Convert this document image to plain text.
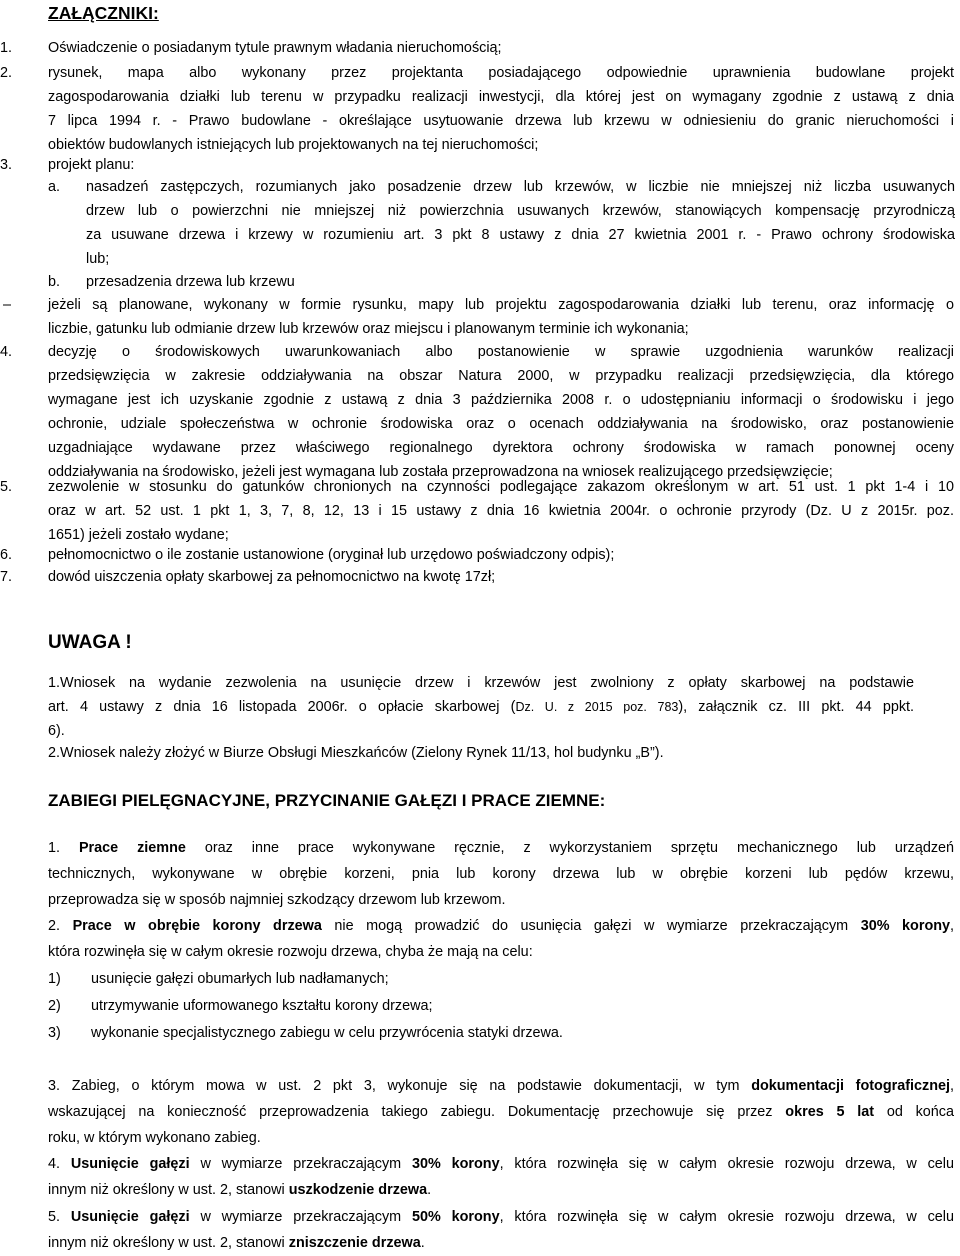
ZAŁĄCZNIKI:
1. Oświadczenie o posiadanym tytule prawnym władania nieruchomością;
2. rysunek, mapa albo wykonany przez projektanta posiadającego odpowiednie uprawnienia budowlane projekt
zagospodarowania działki lub terenu w przypadku realizacji inwestycji, dla której jest on wymagany zgodnie z ustawą z dnia
7 lipca 1994 r. - Prawo budowlane - określające usytuowanie drzewa lub krzewu w odniesieniu do granic nieruchomości i
obiektów budowlanych istniejących lub projektowanych na tej nieruchomości;
3. projekt planu:
a. nasadzeń zastępczych, rozumianych jako posadzenie drzew lub krzewów, w liczbie nie mniejszej niż liczba usuwanych
drzew lub o powierzchni nie mniejszej niż powierzchnia usuwanych krzewów, stanowiących kompensację przyrodniczą
za usuwane drzewa i krzewy w rozumieniu art. 3 pkt 8 ustawy z dnia 27 kwietnia 2001 r. - Prawo ochrony środowiska
lub;
b. przesadzenia drzewa lub krzewu
–	jeżeli są planowane, wykonany w formie rysunku, mapy lub projektu zagospodarowania działki lub terenu, oraz informację o
liczbie, gatunku lub odmianie drzew lub krzewów oraz miejscu i planowanym terminie ich wykonania;
4. decyzję o środowiskowych uwarunkowaniach albo postanowienie w sprawie uzgodnienia warunków realizacji
przedsięwzięcia w zakresie oddziaływania na obszar Natura 2000, w przypadku realizacji przedsięwzięcia, dla którego
wymagane jest ich uzyskanie zgodnie z ustawą z dnia 3 października 2008 r. o udostępnianiu informacji o środowisku i jego
ochronie, udziale społeczeństwa w ochronie środowiska oraz o ocenach oddziaływania na środowisko, oraz postanowienie
uzgadniające wydawane przez właściwego regionalnego dyrektora ochrony środowiska w ramach ponownej oceny
oddziaływania na środowisko, jeżeli jest wymagana lub została przeprowadzona na wniosek realizującego przedsięwzięcie;
5. zezwolenie w stosunku do gatunków chronionych na czynności podlegające zakazom określonym w art. 51 ust. 1 pkt 1-4 i 10
oraz w art. 52 ust. 1 pkt 1, 3, 7, 8, 12, 13 i 15 ustawy z dnia 16 kwietnia 2004r. o ochronie przyrody (Dz. U z 2015r. poz.
1651) jeżeli zostało wydane;
6. pełnomocnictwo o ile zostanie ustanowione (oryginał lub urzędowo poświadczony odpis);
7. dowód uiszczenia opłaty skarbowej za pełnomocnictwo na kwotę 17zł;
UWAGA !
1.Wniosek na wydanie zezwolenia na usunięcie drzew i krzewów jest zwolniony z opłaty skarbowej na podstawie
art. 4 ustawy z dnia 16 listopada 2006r. o opłacie skarbowej (Dz. U. z 2015 poz. 783), załącznik cz. III pkt. 44 ppkt.
6).
2.Wniosek należy złożyć w Biurze Obsługi Mieszkańców (Zielony Rynek 11/13, hol budynku „B”).
ZABIEGI PIELĘGNACYJNE, PRZYCINANIE GAŁĘZI I PRACE ZIEMNE:
1. Prace ziemne oraz inne prace wykonywane ręcznie, z wykorzystaniem sprzętu mechanicznego lub urządzeń
technicznych, wykonywane w obrębie korzeni, pnia lub korony drzewa lub w obrębie korzeni lub pędów krzewu,
przeprowadza się w sposób najmniej szkodzący drzewom lub krzewom.
2. Prace w obrębie korony drzewa nie mogą prowadzić do usunięcia gałęzi w wymiarze przekraczającym 30% korony,
która rozwinęła się w całym okresie rozwoju drzewa, chyba że mają na celu:
1) usunięcie gałęzi obumarłych lub nadłamanych;
2) utrzymywanie uformowanego kształtu korony drzewa;
3) wykonanie specjalistycznego zabiegu w celu przywrócenia statyki drzewa.
3. Zabieg, o którym mowa w ust. 2 pkt 3, wykonuje się na podstawie dokumentacji, w tym dokumentacji fotograficznej,
wskazującej na konieczność przeprowadzenia takiego zabiegu. Dokumentację przechowuje się przez okres 5 lat od końca
roku, w którym wykonano zabieg.
4. Usunięcie gałęzi w wymiarze przekraczającym 30% korony, która rozwinęła się w całym okresie rozwoju drzewa, w celu
innym niż określony w ust. 2, stanowi uszkodzenie drzewa.
5. Usunięcie gałęzi w wymiarze przekraczającym 50% korony, która rozwinęła się w całym okresie rozwoju drzewa, w celu
innym niż określony w ust. 2, stanowi zniszczenie drzewa.
